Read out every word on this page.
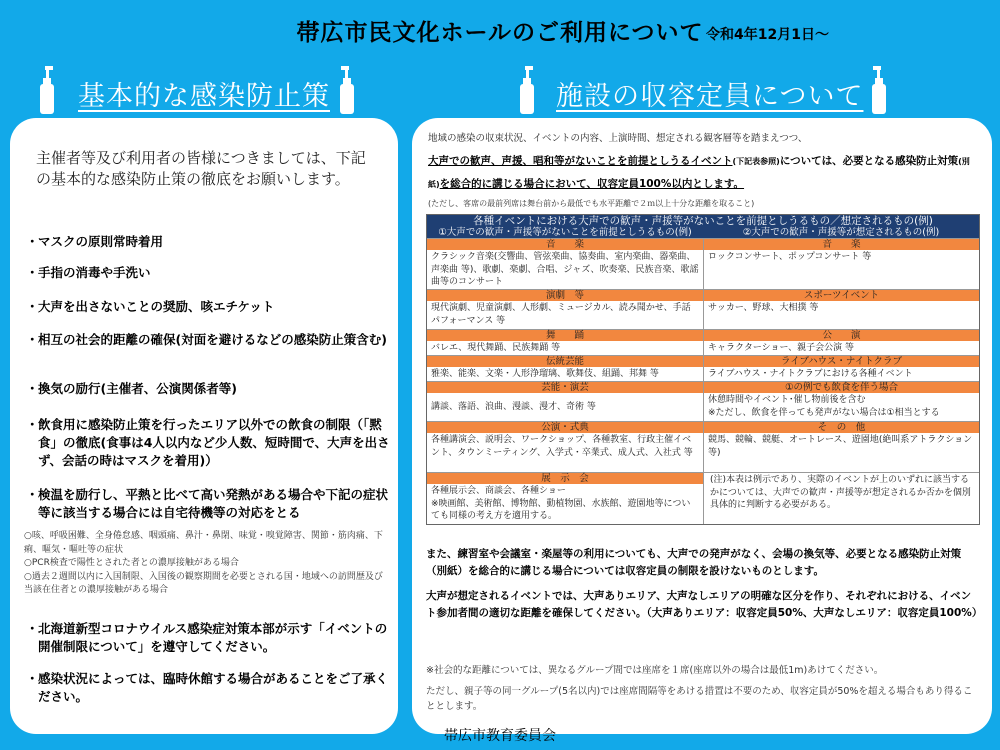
帯広市民文化ホールのご利用について 令和4年12月1日〜
基本的な感染防止策	施設の収容定員について
主催者等及び利用者の皆様につきましては、下記の基本的な感染防止策の徹底をお願いします。
・ マスクの原則常時着用
・ 手指の消毒や手洗い
・ 大声を出さないことの奨励、咳エチケット
・ 相互の社会的距離の確保(対面を避けるなどの感染防止策含む)
・ 換気の励行(主催者、公演関係者等)
・ 飲食用に感染防止策を行ったエリア以外での飲食の制限（「黙食」の徹底(食事は4人以内など少人数、短時間で、大声を出さず、会話の時はマスクを着用)）
・ 検温を励行し、平熱と比べて高い発熱がある場合や下記の症状等に該当する場合には自宅待機等の対応をとる
○咳、呼吸困難、全身倦怠感、咽頭痛、鼻汁・鼻閉、味覚・嗅覚障害、関節・筋肉痛、下痢、嘔気・嘔吐等の症状
○PCR検査で陽性とされた者との濃厚接触がある場合
○過去２週間以内に入国制限、入国後の観察期間を必要とされる国・地域への訪問歴及び当該在住者との濃厚接触がある場合
・ 北海道新型コロナウイルス感染症対策本部が示す「イベントの開催制限について」を遵守してください。
・ 感染状況によっては、臨時休館する場合があることをご了承ください。
地域の感染の収束状況、イベントの内容、上演時間、想定される観客層等を踏まえつつ、
大声での歓声、声援、唱和等がないことを前提としうるイベント(下記表参照)については、必要となる感染防止対策(別紙)を総合的に講じる場合において、収容定員100%以内とします。
(ただし、客席の最前列席は舞台前から最低でも水平距離で２ｍ以上十分な距離を取ること)
各種イベントにおける大声での歓声・声援等がないことを前提としうるもの／想定されるもの(例)
①大声での歓声・声援等がないことを前提としうるもの(例)	②大声での歓声・声援等が想定されるもの(例)
音　　楽
クラシック音楽(交響曲、管弦楽曲、協奏曲、室内楽曲、器楽曲、声楽曲 等)、歌劇、楽劇、合唱、ジャズ、吹奏楽、民族音楽、歌謡曲等のコンサート
音　　楽
ロックコンサート、ポップコンサート 等
演劇　等
現代演劇、児童演劇、人形劇、ミュージカル、読み聞かせ、手話パフォーマンス 等
スポーツイベント
サッカー、野球、大相撲 等
舞　　踊
バレエ、現代舞踊、民族舞踊 等
公　　演
キャラクターショー、親子会公演 等
伝統芸能
雅楽、能楽、文楽・人形浄瑠璃、歌舞伎、組踊、邦舞 等
ライブハウス・ナイトクラブ
ライブハウス・ナイトクラブにおける各種イベント
芸能・演芸
講談、落語、浪曲、漫談、漫才、奇術 等
①の例でも飲食を伴う場合
休憩時間やイベント･催し物前後を含む
※ただし、飲食を伴っても発声がない場合は①相当とする
公演・式典
各種講演会、説明会、ワークショップ、各種教室、行政主催イベント、タウンミーティング、入学式・卒業式、成人式、入社式 等
そ　の　他
競馬、競輪、競艇、オートレース、遊園地(絶叫系アトラクション等)
展　示　会
各種展示会、商談会、各種ショー
※映画館、美術館、博物館、動植物園、水族館、遊園地等についても同様の考え方を適用する。
(注)本表は例示であり、実際のイベントが上のいずれに該当するかについては、大声での歓声・声援等が想定されるか否かを個別具体的に判断する必要がある。
また、練習室や会議室・楽屋等の利用についても、大声での発声がなく、会場の換気等、必要となる感染防止対策（別紙）を総合的に講じる場合については収容定員の制限を設けないものとします。
大声が想定されるイベントでは、大声ありエリア、大声なしエリアの明確な区分を作り、それぞれにおける、イベント参加者間の適切な距離を確保してください。（大声ありエリア：収容定員50%、大声なしエリア：収容定員100%）
※社会的な距離については、異なるグループ間では座席を１席(座席以外の場合は最低1m)あけてください。
ただし、親子等の同一グループ(5名以内)では座席間隔等をあける措置は不要のため、収容定員が50%を超える場合もあり得ることとします。
帯広市教育委員会
